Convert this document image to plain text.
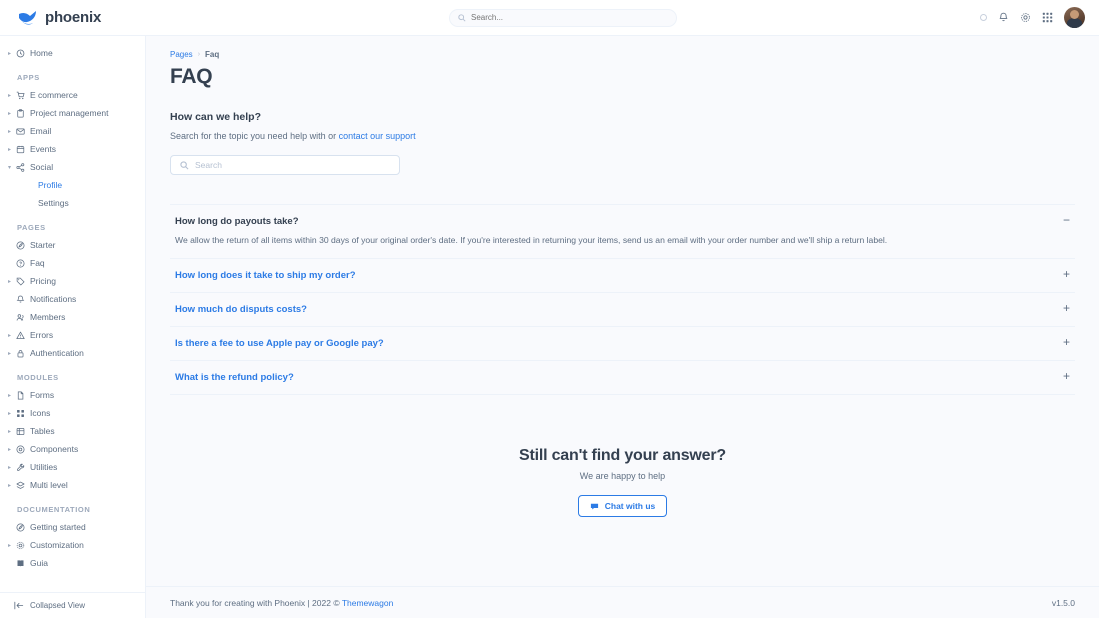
phoenix
Search...
▸	Home
APPS
▸	E commerce
▸	Project management
▸	Email
▸	Events
▾	Social
Profile
Settings
PAGES
Starter
Faq
▸	Pricing
Notifications
Members
▸	Errors
▸	Authentication
MODULES
▸	Forms
▸	Icons
▸	Tables
▸	Components
▸	Utilities
▸	Multi level
DOCUMENTATION
Getting started
▸	Customization
Guia
Collapsed View
Pages › Faq
FAQ
How can we help?
Search for the topic you need help with or contact our support
Search
How long do payouts take?
We allow the return of all items within 30 days of your original order's date. If you're interested in returning your items, send us an email with your order number and we'll ship a return label.
−
How long does it take to ship my order?	+
How much do disputs costs?	+
Is there a fee to use Apple pay or Google pay?	+
What is the refund policy?	+
Still can't find your answer?

We are happy to help

Chat with us
Thank you for creating with Phoenix | 2022 © Themewagon	v1.5.0
